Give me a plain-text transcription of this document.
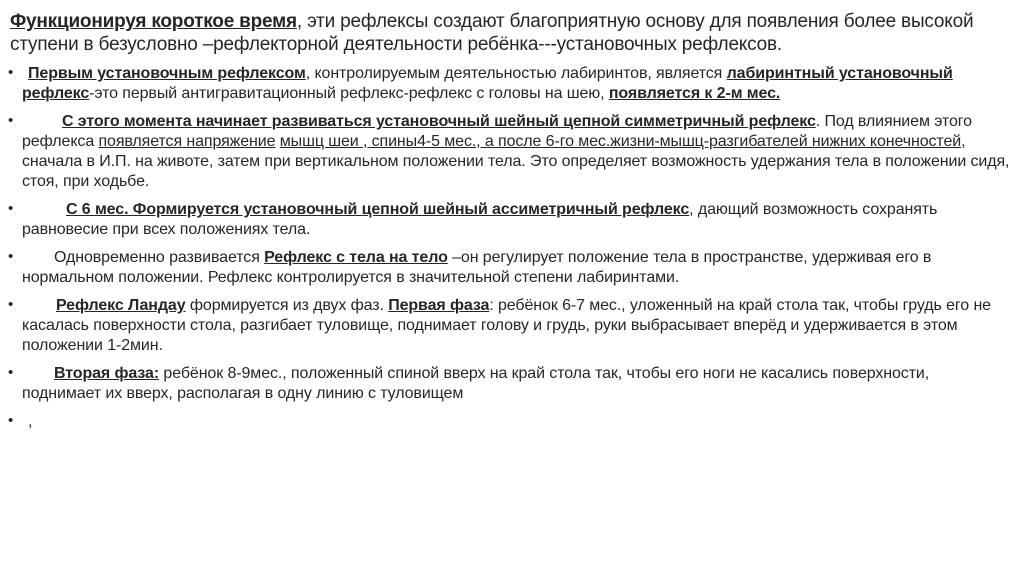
Функционируя короткое время, эти рефлексы создают благоприятную основу для появления более высокой ступени в безусловно –рефлекторной деятельности ребёнка---установочных рефлексов.
• Первым установочным рефлексом, контролируемым деятельностью лабиринтов, является лабиринтный установочный рефлекс-это первый антигравитационный рефлекс-рефлекс с головы на шею, появляется к 2-м мес.
•	С этого момента начинает развиваться установочный шейный цепной симметричный рефлекс. Под влиянием этого рефлекса появляется напряжение мышц шеи , спины4-5 мес., а после 6-го мес.жизни-мышц-разгибателей нижних конечностей, сначала в И.П. на животе, затем при вертикальном положении тела. Это определяет возможность удержания тела в положении сидя, стоя, при ходьбе.
•	С 6 мес. Формируется установочный цепной шейный ассиметричный рефлекс, дающий возможность сохранять равновесие при всех положениях тела.
•	Одновременно развивается Рефлекс с тела на тело –он регулирует положение тела в пространстве, удерживая его в нормальном положении. Рефлекс контролируется в значительной степени лабиринтами.
•	Рефлекс Ландау формируется из двух фаз. Первая фаза: ребёнок 6-7 мес., уложенный на край стола так, чтобы грудь его не касалась поверхности стола, разгибает туловище, поднимает голову и грудь, руки выбрасывает вперёд и удерживается в этом положении 1-2мин.
•	Вторая фаза: ребёнок 8-9мес., положенный спиной вверх на край стола так, чтобы его ноги не касались поверхности, поднимает их вверх, располагая в одну линию с туловищем
• ,
